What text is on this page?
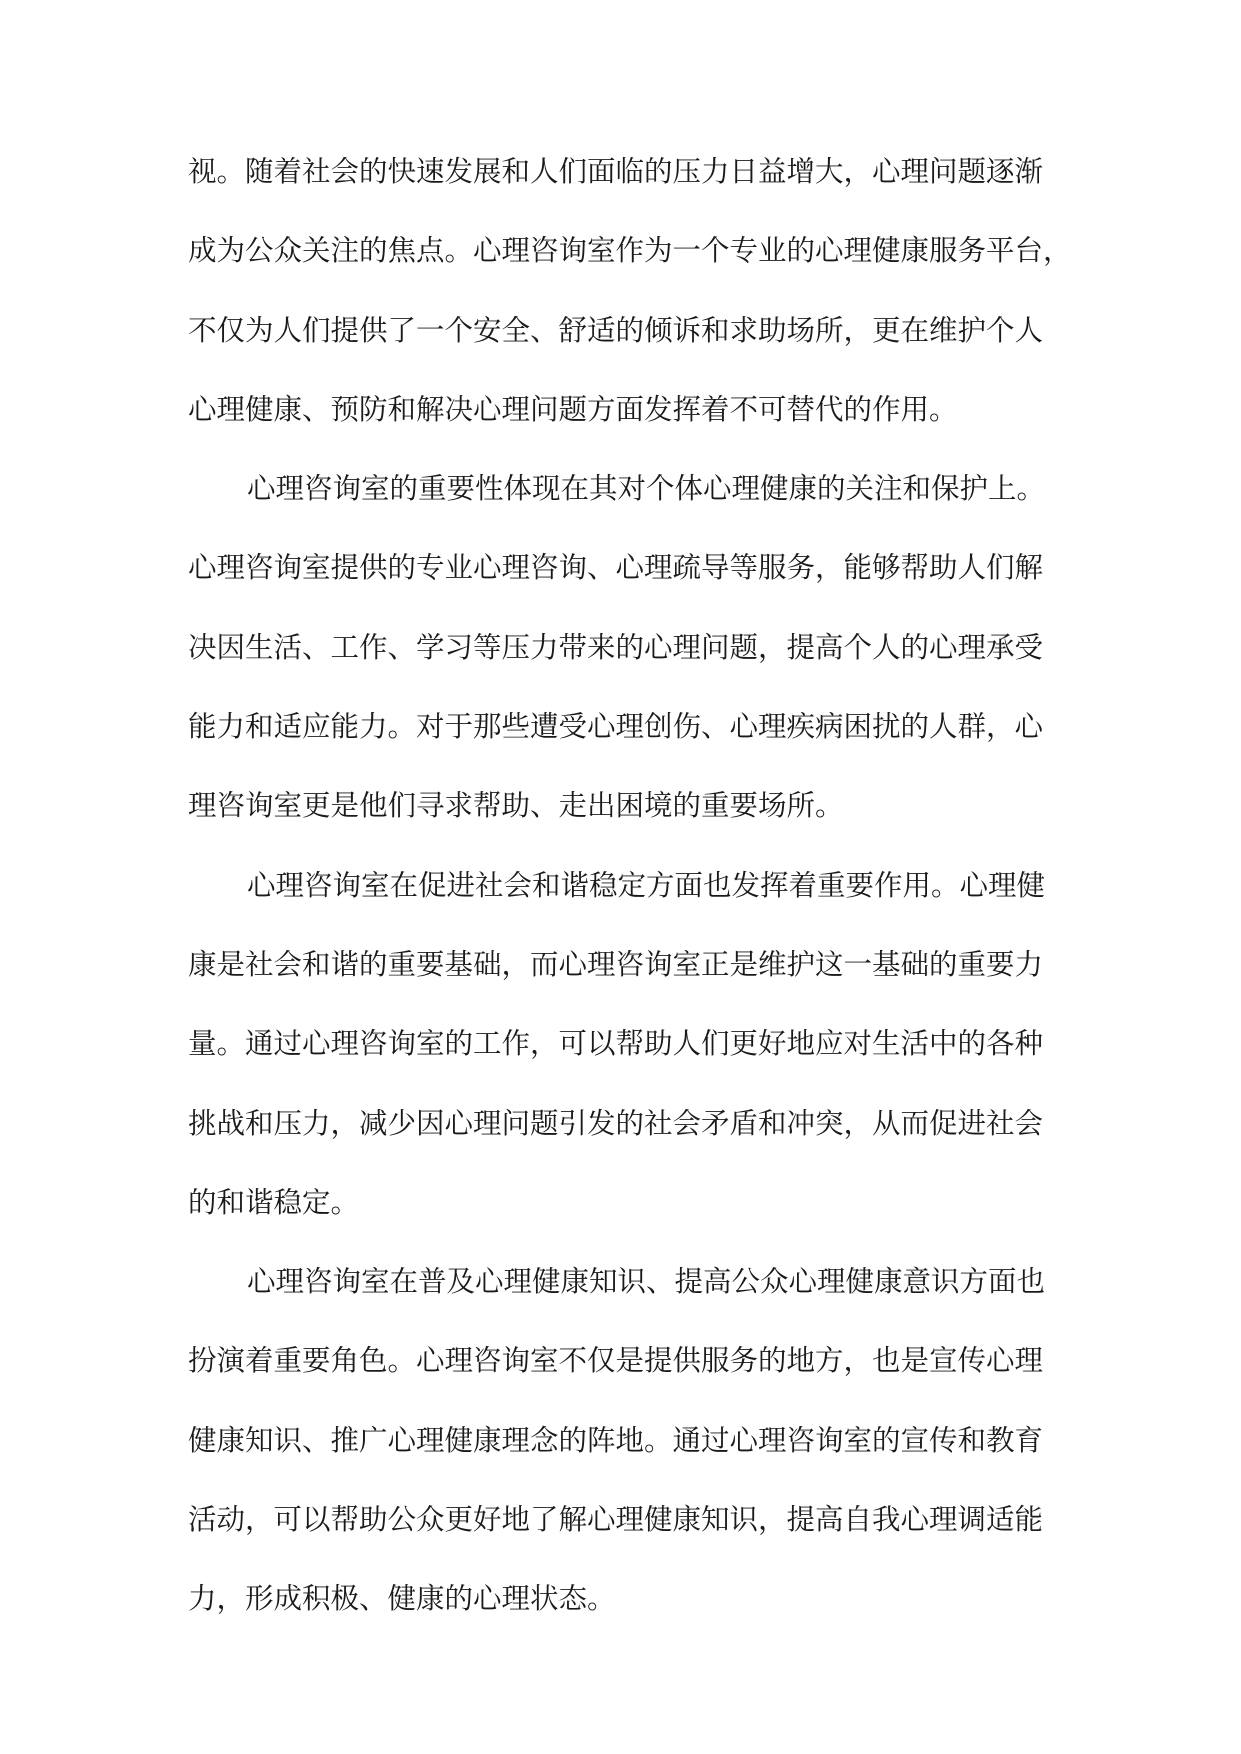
视。随着社会的快速发展和人们面临的压力日益增大，心理问题逐渐
成为公众关注的焦点。心理咨询室作为一个专业的心理健康服务平台，
不仅为人们提供了一个安全、舒适的倾诉和求助场所，更在维护个人
心理健康、预防和解决心理问题方面发挥着不可替代的作用。
心理咨询室的重要性体现在其对个体心理健康的关注和保护上。
心理咨询室提供的专业心理咨询、心理疏导等服务，能够帮助人们解
决因生活、工作、学习等压力带来的心理问题，提高个人的心理承受
能力和适应能力。对于那些遭受心理创伤、心理疾病困扰的人群，心
理咨询室更是他们寻求帮助、走出困境的重要场所。
心理咨询室在促进社会和谐稳定方面也发挥着重要作用。心理健
康是社会和谐的重要基础，而心理咨询室正是维护这一基础的重要力
量。通过心理咨询室的工作，可以帮助人们更好地应对生活中的各种
挑战和压力，减少因心理问题引发的社会矛盾和冲突，从而促进社会
的和谐稳定。
心理咨询室在普及心理健康知识、提高公众心理健康意识方面也
扮演着重要角色。心理咨询室不仅是提供服务的地方，也是宣传心理
健康知识、推广心理健康理念的阵地。通过心理咨询室的宣传和教育
活动，可以帮助公众更好地了解心理健康知识，提高自我心理调适能
力，形成积极、健康的心理状态。
